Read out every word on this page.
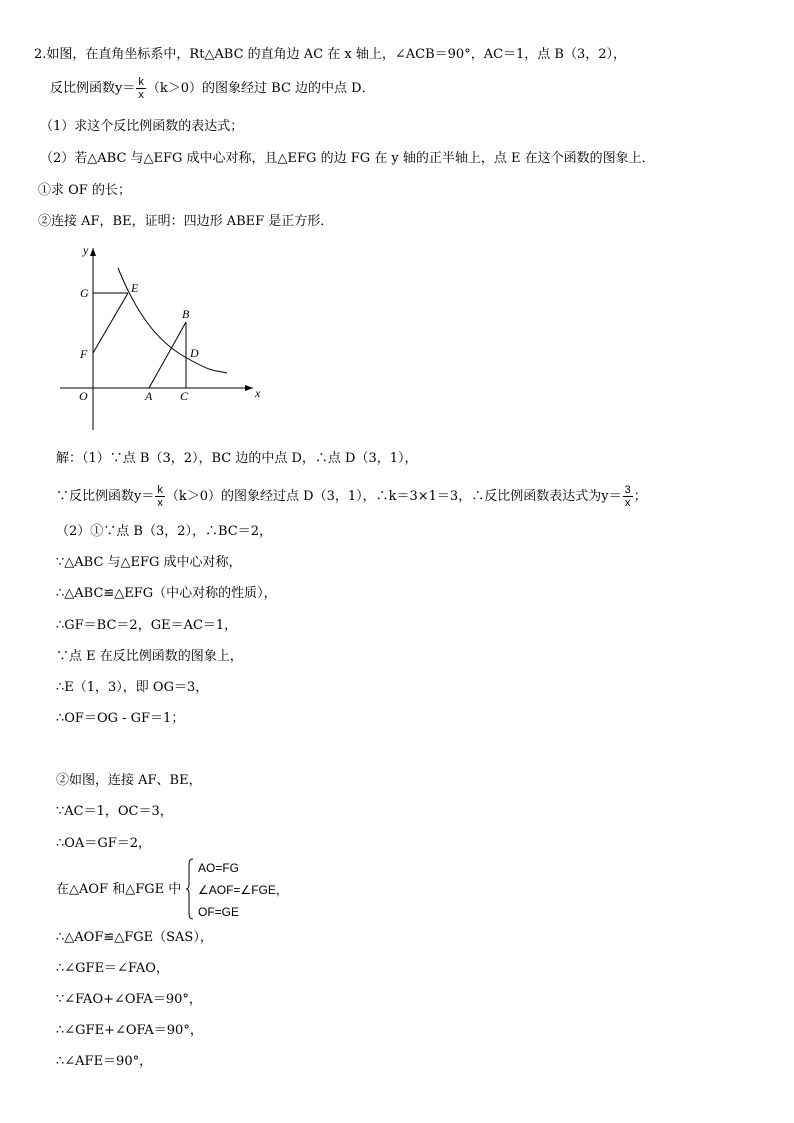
2.如图，在直角坐标系中，Rt△ABC 的直角边 AC 在 x 轴上，∠ACB＝90°，AC＝1，点 B（3，2），
反比例函数$y= \frac{k}{x} (k>0)$的图象经过 BC 边的中点 D．
（1）求这个反比例函数的表达式；
（2）若△ABC 与△EFG 成中心对称，且△EFG 的边 FG 在 y 轴的正半轴上，点 E 在这个函数的图象上．
①求 OF 的长；
②连接 AF，BE，证明：四边形 ABEF 是正方形．
y
x
O	A C
B
D
E
F
G
解：（1）∵点 B（3，2），BC 边的中点 D，∴点 D（3，1），
∵反比例函数$y= \frac{k}{x} (k>0)$的图象经过点 D（3，1），∴k＝3×1＝3，∴反比例函数表达式为$y= \frac{3}{x}$ ；
（2）①∵点 B（3，2），∴BC＝2，
∵△ABC 与△EFG 成中心对称，
∴△ABC≌△EFG（中心对称的性质），
∴GF＝BC＝2，GE＝AC＝1，
∵点 E 在反比例函数的图象上，
∴E（1，3），即 OG＝3，
∴OF＝OG - GF＝1；
②如图，连接 AF、BE，
∵AC＝1，OC＝3，
∴OA＝GF＝2，
在△AOF 和△FGE 中
AO=FG
∠AOF=∠FGE，
OF=GE
∴△AOF≌△FGE（SAS），
∴∠GFE＝∠FAO，
∵∠FAO+∠OFA＝90°，
∴∠GFE+∠OFA＝90°，
∴∠AFE＝90°，
